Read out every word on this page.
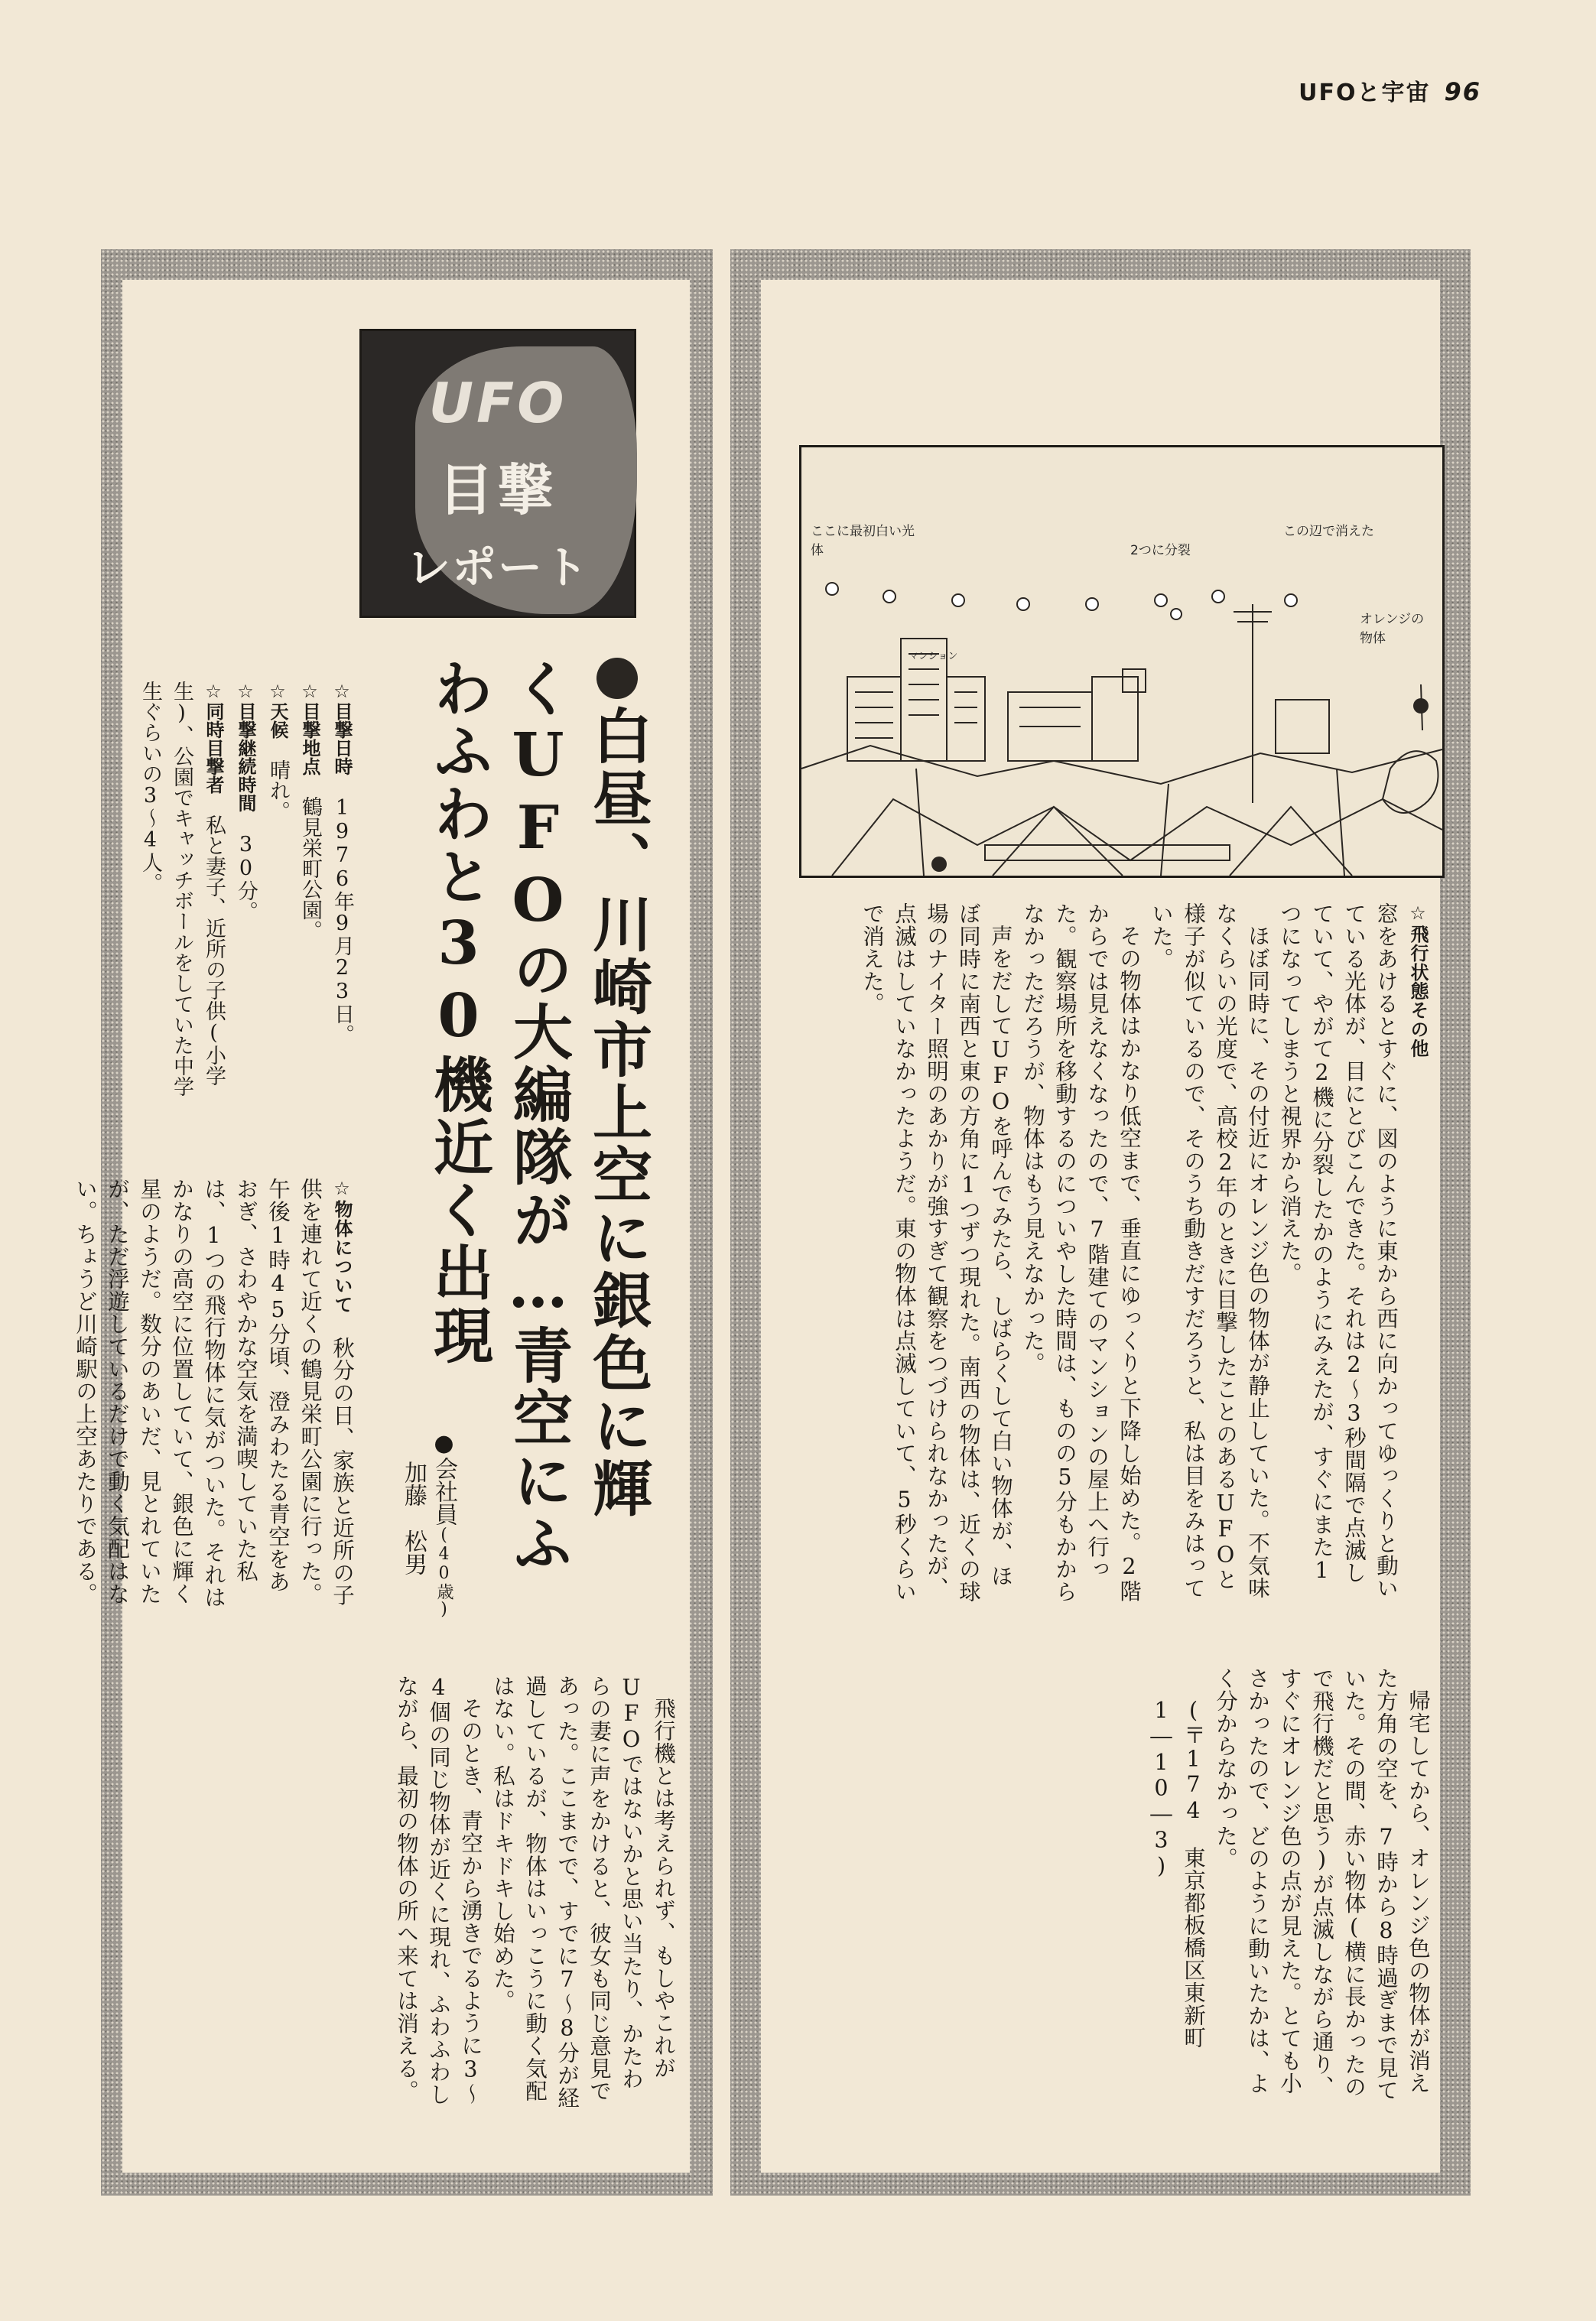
UFOと宇宙 96
UFO
目撃
レポート
白昼、川崎市上空に銀色に輝
くUFOの大編隊が…青空にふ
わふわと30機近く出現
●会社員(40歳)
加藤　松男
☆目撃日時　1976年9月23日。
☆目撃地点　鶴見栄町公園。
☆天候　晴れ。
☆目撃継続時間　30分。
☆同時目撃者　私と妻子、近所の子供(小学生)、公園でキャッチボールをしていた中学生ぐらいの3～4人。

☆物体について　秋分の日、家族と近所の子供を連れて近くの鶴見栄町公園に行った。午後1時45分頃、澄みわたる青空をあおぎ、さわやかな空気を満喫していた私は、1つの飛行物体に気がついた。それはかなりの高空に位置していて、銀色に輝く星のようだ。数分のあいだ、見とれていたが、ただ浮遊しているだけで動く気配はない。ちょうど川崎駅の上空あたりである。

飛行機とは考えられず、もしやこれがUFOではないかと思い当たり、かたわらの妻に声をかけると、彼女も同じ意見であった。ここまでで、すでに7～8分が経過しているが、物体はいっこうに動く気配はない。私はドキドキし始めた。

そのとき、青空から湧きでるように3～4個の同じ物体が近くに現れ、ふわふわしながら、最初の物体の所へ来ては消える。

ここに最初白い光体	2つに分裂
この辺で消えた
オレンジの物体
マンション

☆飛行状態その他
窓をあけるとすぐに、図のように東から西に向かってゆっくりと動いている光体が、目にとびこんできた。それは2～3秒間隔で点滅していて、やがて2機に分裂したかのようにみえたが、すぐにまた1つになってしまうと視界から消えた。

ほぼ同時に、その付近にオレンジ色の物体が静止していた。不気味なくらいの光度で、高校2年のときに目撃したことのあるUFOと様子が似ているので、そのうち動きだすだろうと、私は目をみはっていた。

その物体はかなり低空まで、垂直にゆっくりと下降し始めた。2階からでは見えなくなったので、7階建てのマンションの屋上へ行った。観察場所を移動するのについやした時間は、ものの5分もかからなかっただろうが、物体はもう見えなかった。

声をだしてUFOを呼んでみたら、しばらくして白い物体が、ほぼ同時に南西と東の方角に1つずつ現れた。南西の物体は、近くの球場のナイター照明のあかりが強すぎて観察をつづけられなかったが、点滅はしていなかったようだ。東の物体は点滅していて、5秒くらいで消えた。

帰宅してから、オレンジ色の物体が消えた方角の空を、7時から8時過ぎまで見ていた。その間、赤い物体(横に長かったので飛行機だと思う)が点滅しながら通り、すぐにオレンジ色の点が見えた。とても小さかったので、どのように動いたかは、よく分からなかった。

(〒174　東京都板橋区東新町1―10―3)
